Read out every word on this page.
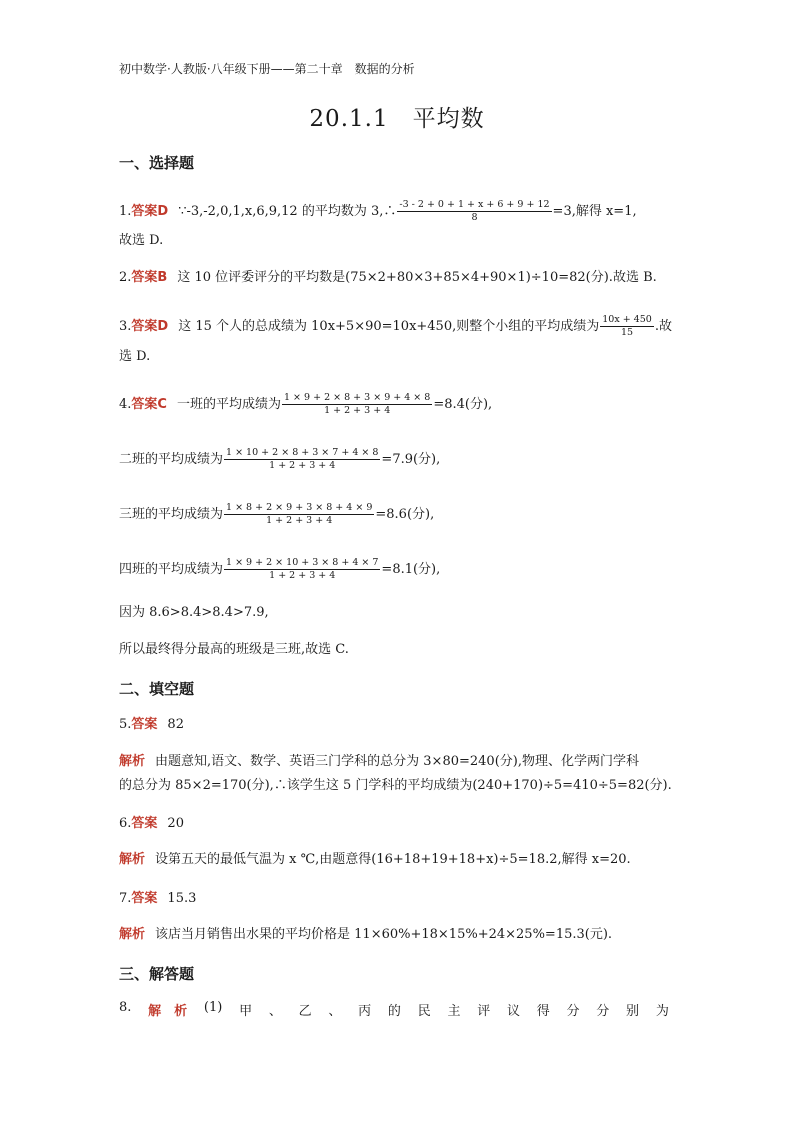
初中数学·人教版·八年级下册——第二十章　数据的分析
20.1.1　平均数
一、选择题
1.答案D ∵-3,-2,0,1,x,6,9,12 的平均数为 3,∴ $\frac{-3 - 2 + 0 + 1 + x + 6 + 9 + 12}{8} =3$,解得 x=1,
故选 D.
2.答案B 这 10 位评委评分的平均数是(75×2+80×3+85×4+90×1)÷10=82(分).故选 B.
3.答案D 这 15 个人的总成绩为 10x+5×90=10x+450,则整个小组的平均成绩为 $\frac{10x + 450}{15}$ .故
选 D.
4.答案C 一班的平均成绩为 $\frac{1 \times 9 + 2 \times 8 + 3 \times 9 + 4 \times 8}{1 + 2 + 3 + 4} =8.4$(分),
二班的平均成绩为 $\frac{1 \times 10 + 2 \times 8 + 3 \times 7 + 4 \times 8}{1 + 2 + 3 + 4} =7.9$(分),
三班的平均成绩为 $\frac{1 \times 8 + 2 \times 9 + 3 \times 8 + 4 \times 9}{1 + 2 + 3 + 4} =8.6$(分),
四班的平均成绩为 $\frac{1 \times 9 + 2 \times 10 + 3 \times 8 + 4 \times 7}{1 + 2 + 3 + 4} =8.1$(分),
因为 8.6>8.4>8.4>7.9,
所以最终得分最高的班级是三班,故选 C.
二、填空题
5.答案 82
解析 由题意知,语文、数学、英语三门学科的总分为 3×80=240(分),物理、化学两门学科
的总分为 85×2=170(分),∴该学生这 5 门学科的平均成绩为(240+170)÷5=410÷5=82(分).
6.答案 20
解析 设第五天的最低气温为 x ℃,由题意得(16+18+19+18+x)÷5=18.2,解得 x=20.
7.答案 15.3
解析 该店当月销售出水果的平均价格是 11×60%+18×15%+24×25%=15.3(元).
三、解答题
8. 解　析 (1) 甲 、 乙 、 丙 的 民 主 评 议 得 分 分 别 为
